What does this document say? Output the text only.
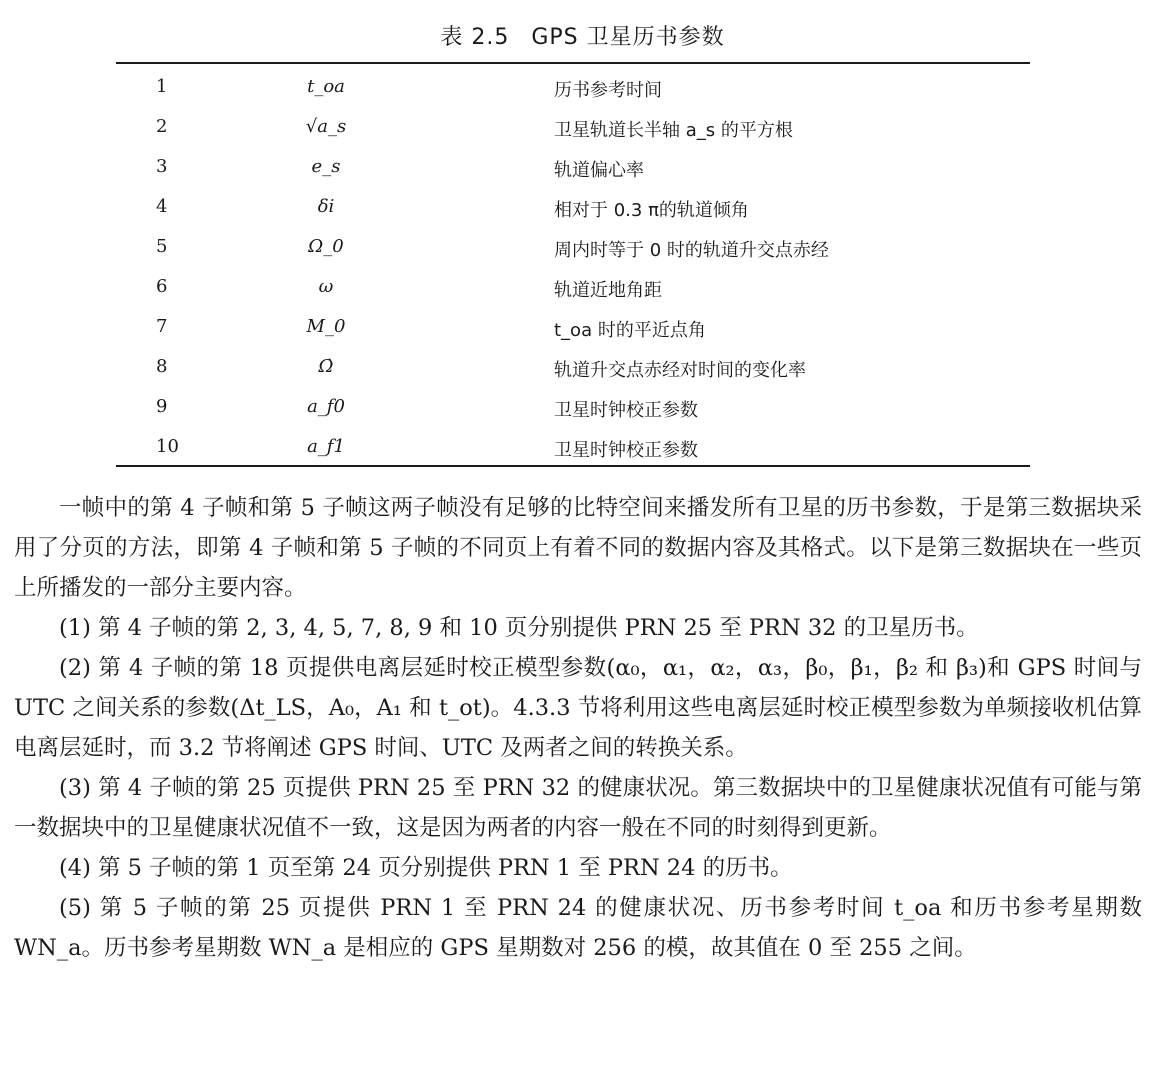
表 2.5 GPS 卫星历书参数
1	t_oa	历书参考时间
2	√a_s	卫星轨道长半轴 a_s 的平方根
3	e_s	轨道偏心率
4	δi	相对于 0.3 π的轨道倾角
5	Ω_0	周内时等于 0 时的轨道升交点赤经
6	ω	轨道近地角距
7	M_0	t_oa 时的平近点角
8	Ω̇	轨道升交点赤经对时间的变化率
9	a_f0	卫星时钟校正参数
10	a_f1	卫星时钟校正参数

一帧中的第 4 子帧和第 5 子帧这两子帧没有足够的比特空间来播发所有卫星的历书参数，于是第三数据块采用了分页的方法，即第 4 子帧和第 5 子帧的不同页上有着不同的数据内容及其格式。以下是第三数据块在一些页上所播发的一部分主要内容。

(1) 第 4 子帧的第 2, 3, 4, 5, 7, 8, 9 和 10 页分别提供 PRN 25 至 PRN 32 的卫星历书。

(2) 第 4 子帧的第 18 页提供电离层延时校正模型参数(α₀，α₁，α₂，α₃，β₀，β₁，β₂ 和 β₃)和 GPS 时间与 UTC 之间关系的参数(Δt_LS，A₀，A₁ 和 t_ot)。4.3.3 节将利用这些电离层延时校正模型参数为单频接收机估算电离层延时，而 3.2 节将阐述 GPS 时间、UTC 及两者之间的转换关系。

(3) 第 4 子帧的第 25 页提供 PRN 25 至 PRN 32 的健康状况。第三数据块中的卫星健康状况值有可能与第一数据块中的卫星健康状况值不一致，这是因为两者的内容一般在不同的时刻得到更新。

(4) 第 5 子帧的第 1 页至第 24 页分别提供 PRN 1 至 PRN 24 的历书。

(5) 第 5 子帧的第 25 页提供 PRN 1 至 PRN 24 的健康状况、历书参考时间 t_oa 和历书参考星期数 WN_a。历书参考星期数 WN_a 是相应的 GPS 星期数对 256 的模，故其值在 0 至 255 之间。
